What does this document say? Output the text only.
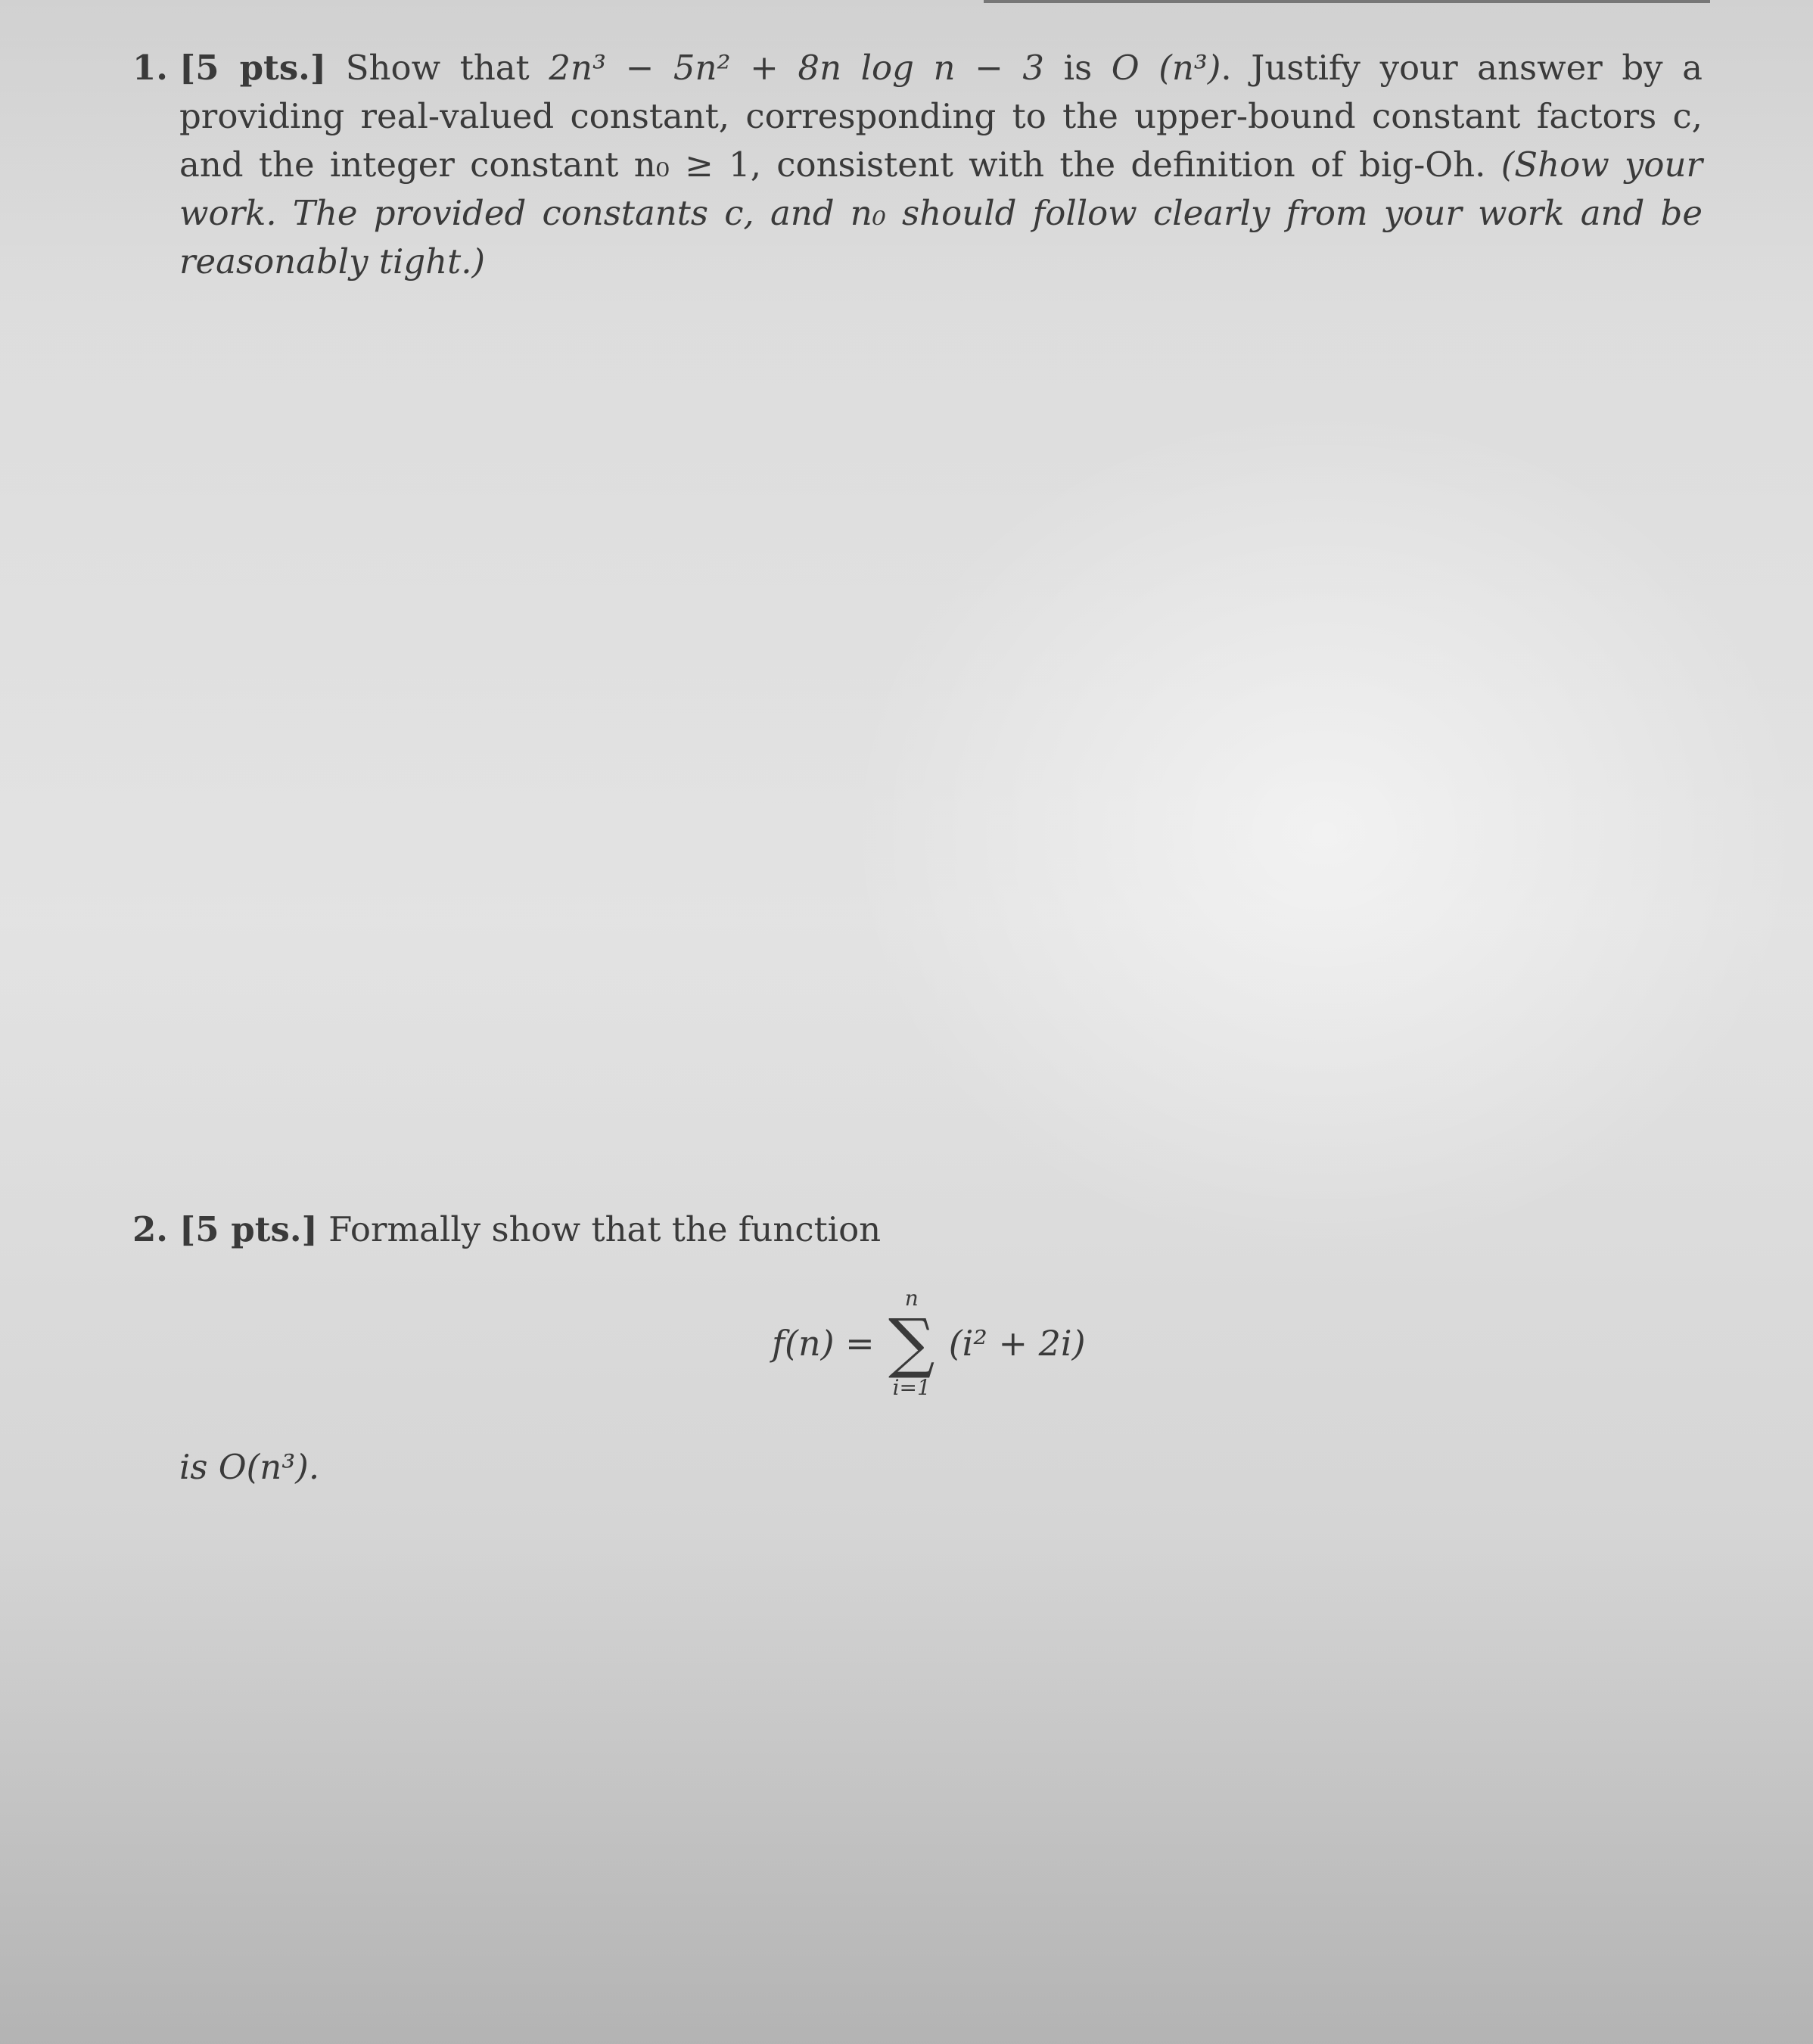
1. [5 pts.] Show that 2n³ − 5n² + 8n log n − 3 is O (n³). Justify your answer by a providing real-valued constant, corresponding to the upper-bound constant factors c, and the integer constant n₀ ≥ 1, consistent with the definition of big-Oh. (Show your work. The provided constants c, and n₀ should follow clearly from your work and be reasonably tight.)
2. [5 pts.] Formally show that the function
f(n) =
n
∑
i=1
(i² + 2i)
is O(n³).
